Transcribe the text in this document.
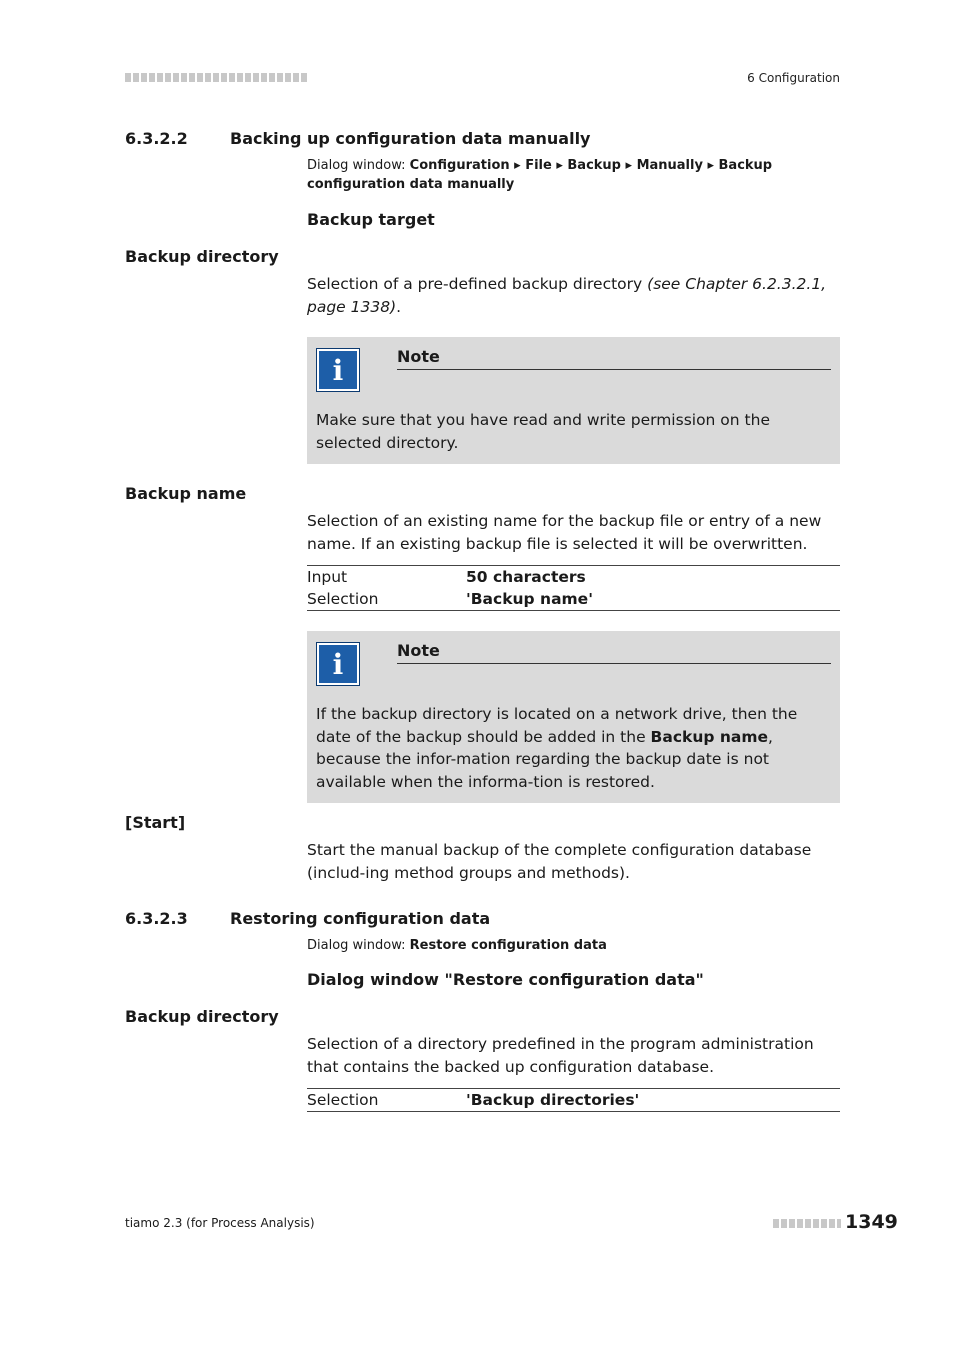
6 Configuration
6.3.2.2	Backing up configuration data manually
Dialog window: Configuration ▸ File ▸ Backup ▸ Manually ▸ Backup configuration data manually
Backup target
Backup directory
Selection of a pre-defined backup directory (see Chapter 6.2.3.2.1, page 1338).
i	Note
Make sure that you have read and write permission on the selected directory.
Backup name
Selection of an existing name for the backup file or entry of a new name. If an existing backup file is selected it will be overwritten.
Input	50 characters
Selection	'Backup name'
i	Note
If the backup directory is located on a network drive, then the date of the backup should be added in the Backup name, because the infor-mation regarding the backup date is not available when the informa-tion is restored.
[Start]
Start the manual backup of the complete configuration database (includ-ing method groups and methods).
6.3.2.3	Restoring configuration data
Dialog window: Restore configuration data
Dialog window "Restore configuration data"
Backup directory
Selection of a directory predefined in the program administration that contains the backed up configuration database.
Selection	'Backup directories'
tiamo 2.3 (for Process Analysis)	1349
